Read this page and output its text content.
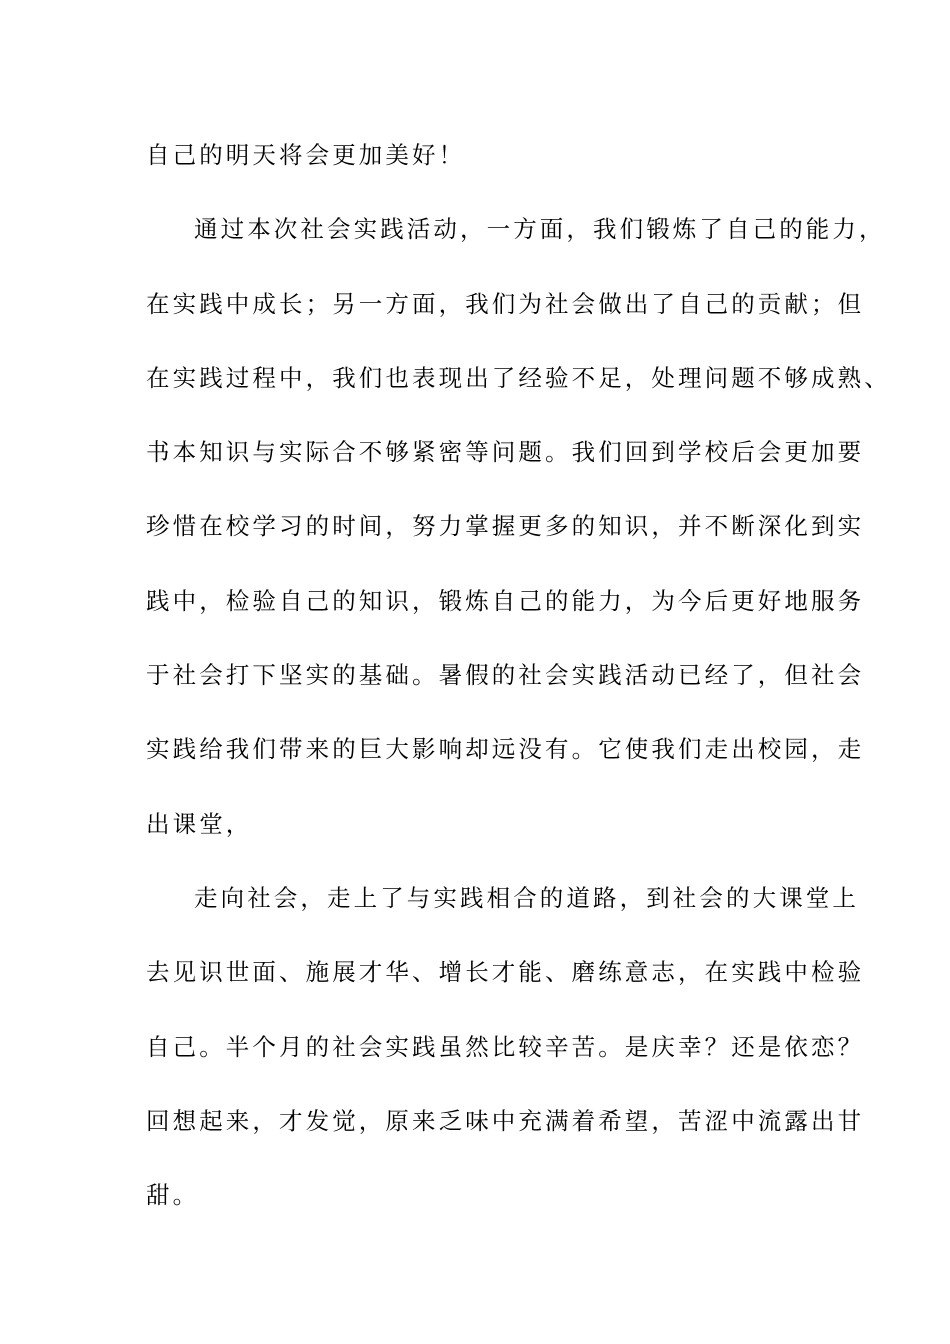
自己的明天将会更加美好！
通过本次社会实践活动，一方面，我们锻炼了自己的能力，
在实践中成长；另一方面，我们为社会做出了自己的贡献；但
在实践过程中，我们也表现出了经验不足，处理问题不够成熟、
书本知识与实际合不够紧密等问题。我们回到学校后会更加要
珍惜在校学习的时间，努力掌握更多的知识，并不断深化到实
践中，检验自己的知识，锻炼自己的能力，为今后更好地服务
于社会打下坚实的基础。暑假的社会实践活动已经了，但社会
实践给我们带来的巨大影响却远没有。它使我们走出校园，走
出课堂，
走向社会，走上了与实践相合的道路，到社会的大课堂上
去见识世面、施展才华、增长才能、磨练意志，在实践中检验
自己。半个月的社会实践虽然比较辛苦。是庆幸？还是依恋？
回想起来，才发觉，原来乏味中充满着希望，苦涩中流露出甘
甜。
